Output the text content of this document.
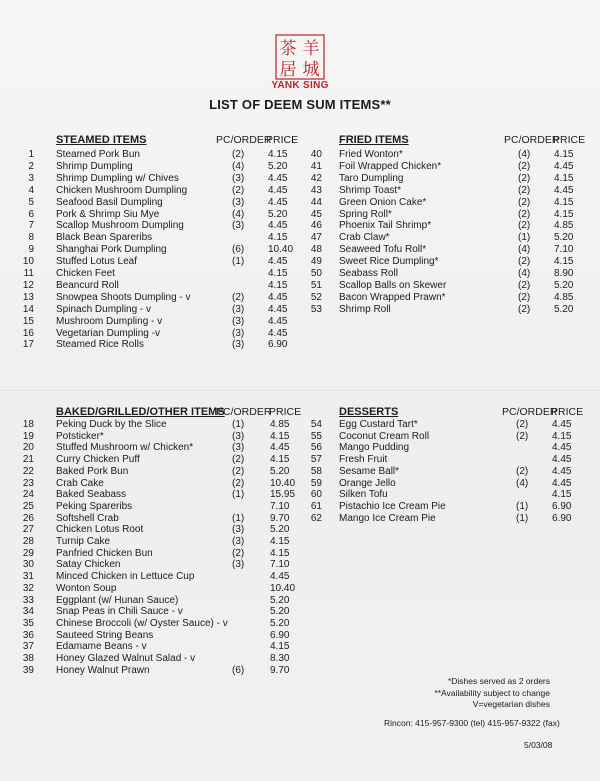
茶 羊
居 城
YANK SING
LIST OF DEEM SUM ITEMS**
STEAMED ITEMS	PC/ORDER
PRICE
1 Steamed Pork Bun	(2) 4.15
2 Shrimp Dumpling	(4) 5.20
3 Shrimp Dumpling w/ Chives	(3) 4.45
4 Chicken Mushroom Dumpling	(2) 4.45
5 Seafood Basil Dumpling	(3) 4.45
6 Pork & Shrimp Siu Mye	(4) 5.20
7 Scallop Mushroom Dumpling	(3) 4.45
8 Black Bean Spareribs	4.15
9 Shanghai Pork Dumpling	(6) 10.40
10 Stuffed Lotus Leaf	(1) 4.45
11 Chicken Feet	4.15
12 Beancurd Roll	4.15
13 Snowpea Shoots Dumpling - v	(2) 4.45
14 Spinach Dumpling - v	(3) 4.45
15 Mushroom Dumpling - v	(3) 4.45
16 Vegetarian Dumpling -v	(3) 4.45
17 Steamed Rice Rolls	(3) 6.90
FRIED ITEMS	PC/ORDER
PRICE
40 Fried Wonton*	(4) 4.15
41 Foil Wrapped Chicken*	(2) 4.45
42 Taro Dumpling	(2) 4.15
43 Shrimp Toast*	(2) 4.45
44 Green Onion Cake*	(2) 4.15
45 Spring Roll*	(2) 4.15
46 Phoenix Tail Shrimp*	(2) 4.85
47 Crab Claw*	(1) 5.20
48 Seaweed Tofu Roll*	(4) 7.10
49 Sweet Rice Dumpling*	(2) 4.15
50 Seabass Roll	(4) 8.90
51 Scallop Balls on Skewer	(2) 5.20
52 Bacon Wrapped Prawn*	(2) 4.85
53 Shrimp Roll	(2) 5.20
BAKED/GRILLED/OTHER ITEMS
PC/ORDER
PRICE
18 Peking Duck by the Slice	(1)	4.85
19 Potsticker*	(3)	4.15
20 Stuffed Mushroom w/ Chicken*	(3)	4.45
21 Curry Chicken Puff	(2)	4.15
22 Baked Pork Bun	(2)	5.20
23 Crab Cake	(2)	10.40
24 Baked Seabass	(1)	15.95
25 Peking Spareribs	7.10
26 Softshell Crab	(1)	9.70
27 Chicken Lotus Root	(3)	5.20
28 Turnip Cake	(3)	4.15
29 Panfried Chicken Bun	(2)	4.15
30 Satay Chicken	(3)	7.10
31 Minced Chicken in Lettuce Cup	4.45
32 Wonton Soup	10.40
33 Eggplant (w/ Hunan Sauce)	5.20
34 Snap Peas in Chili Sauce - v	5.20
35 Chinese Broccoli (w/ Oyster Sauce) - v	5.20
36 Sauteed String Beans	6.90
37 Edamame Beans - v	4.15
38 Honey Glazed Walnut Salad - v	8.30
39 Honey Walnut Prawn	(6)	9.70
DESSERTS	PC/ORDER
PRICE
54 Egg Custard Tart*	(2) 4.45
55 Coconut Cream Roll	(2) 4.15
56 Mango Pudding	4.45
57 Fresh Fruit	4.45
58 Sesame Ball*	(2) 4.45
59 Orange Jello	(4) 4.45
60 Silken Tofu	4.15
61 Pistachio Ice Cream Pie	(1) 6.90
62 Mango Ice Cream Pie	(1) 6.90
*Dishes served as 2 orders
**Availability subject to change
V=vegetarian dishes
Rincon: 415-957-9300 (tel) 415-957-9322 (fax)
5/03/08
